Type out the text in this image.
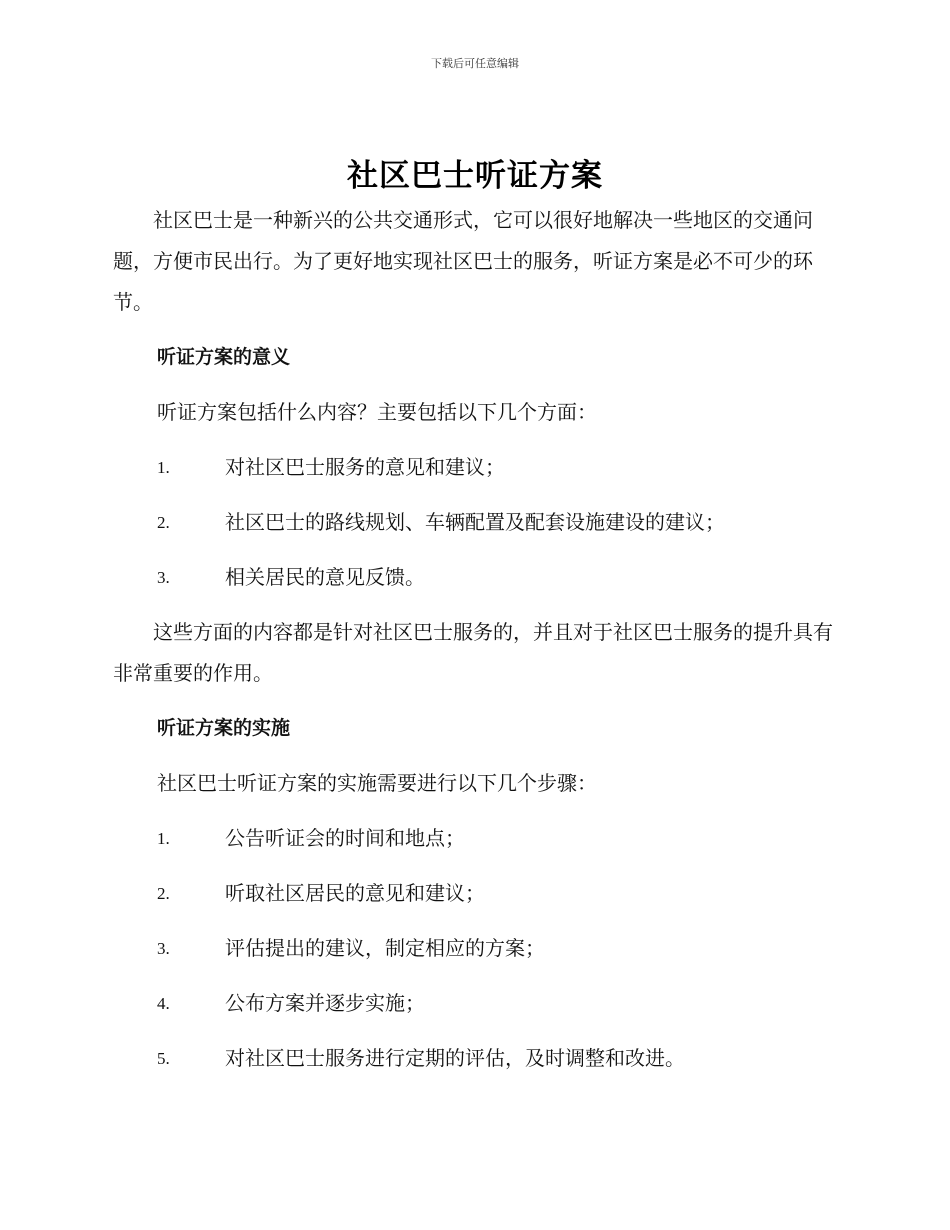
下载后可任意编辑
社区巴士听证方案

社区巴士是一种新兴的公共交通形式，它可以很好地解决一些地区的交通问题，方便市民出行。为了更好地实现社区巴士的服务，听证方案是必不可少的环节。

听证方案的意义

听证方案包括什么内容？主要包括以下几个方面：

1.	对社区巴士服务的意见和建议；
2.	社区巴士的路线规划、车辆配置及配套设施建设的建议；
3.	相关居民的意见反馈。

这些方面的内容都是针对社区巴士服务的，并且对于社区巴士服务的提升具有非常重要的作用。

听证方案的实施

社区巴士听证方案的实施需要进行以下几个步骤：

1.	公告听证会的时间和地点；
2.	听取社区居民的意见和建议；
3.	评估提出的建议，制定相应的方案；
4.	公布方案并逐步实施；
5.	对社区巴士服务进行定期的评估，及时调整和改进。
